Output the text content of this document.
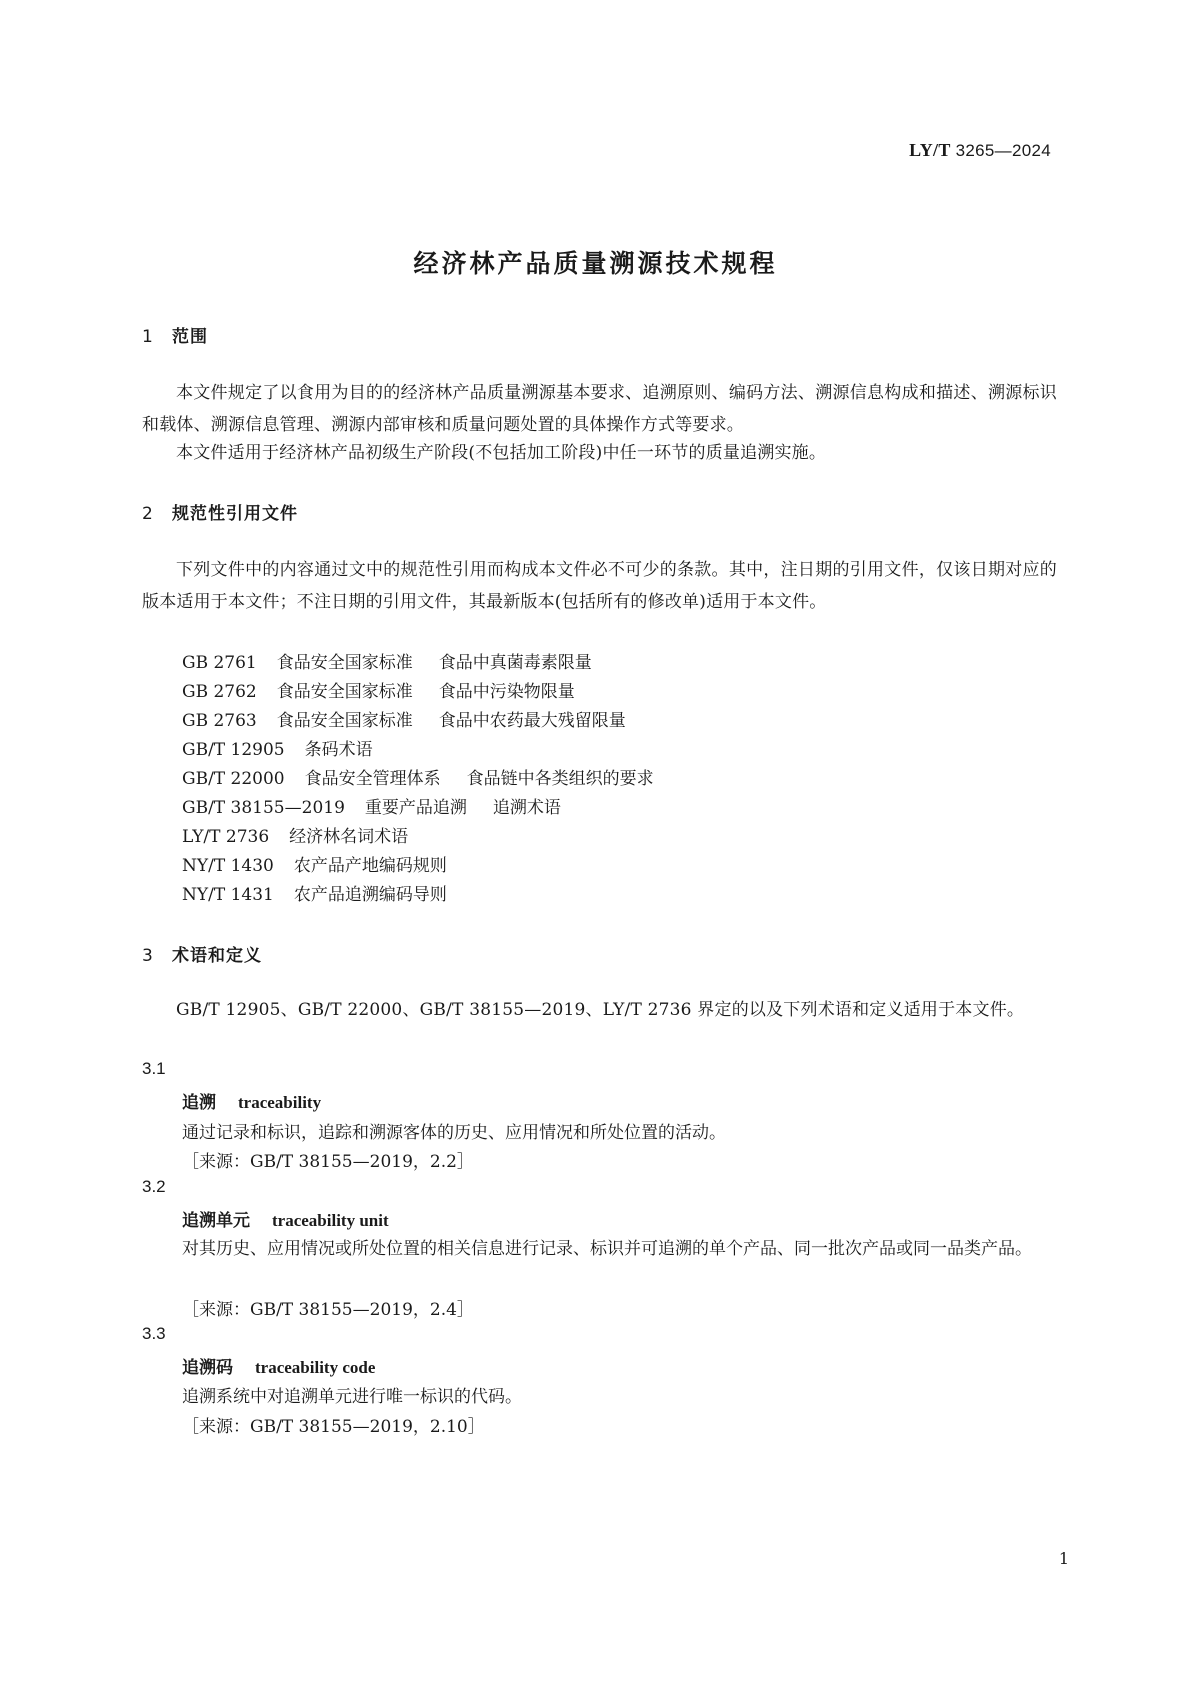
LY/T 3265—2024
经济林产品质量溯源技术规程
1 范围
本文件规定了以食用为目的的经济林产品质量溯源基本要求、追溯原则、编码方法、溯源信息构成和描述、溯源标识和载体、溯源信息管理、溯源内部审核和质量问题处置的具体操作方式等要求。
本文件适用于经济林产品初级生产阶段(不包括加工阶段)中任一环节的质量追溯实施。
2 规范性引用文件
下列文件中的内容通过文中的规范性引用而构成本文件必不可少的条款。其中，注日期的引用文件，仅该日期对应的版本适用于本文件；不注日期的引用文件，其最新版本(包括所有的修改单)适用于本文件。
GB 2761 食品安全国家标准 食品中真菌毒素限量
GB 2762 食品安全国家标准 食品中污染物限量
GB 2763 食品安全国家标准 食品中农药最大残留限量
GB/T 12905 条码术语
GB/T 22000 食品安全管理体系 食品链中各类组织的要求
GB/T 38155—2019 重要产品追溯 追溯术语
LY/T 2736 经济林名词术语
NY/T 1430 农产品产地编码规则
NY/T 1431 农产品追溯编码导则
3 术语和定义
GB/T 12905、GB/T 22000、GB/T 38155—2019、LY/T 2736 界定的以及下列术语和定义适用于本文件。
3.1
追溯 traceability
通过记录和标识，追踪和溯源客体的历史、应用情况和所处位置的活动。
［来源：GB/T 38155—2019，2.2］
3.2
追溯单元 traceability unit
对其历史、应用情况或所处位置的相关信息进行记录、标识并可追溯的单个产品、同一批次产品或同一品类产品。
［来源：GB/T 38155—2019，2.4］
3.3
追溯码 traceability code
追溯系统中对追溯单元进行唯一标识的代码。
［来源：GB/T 38155—2019，2.10］
1
